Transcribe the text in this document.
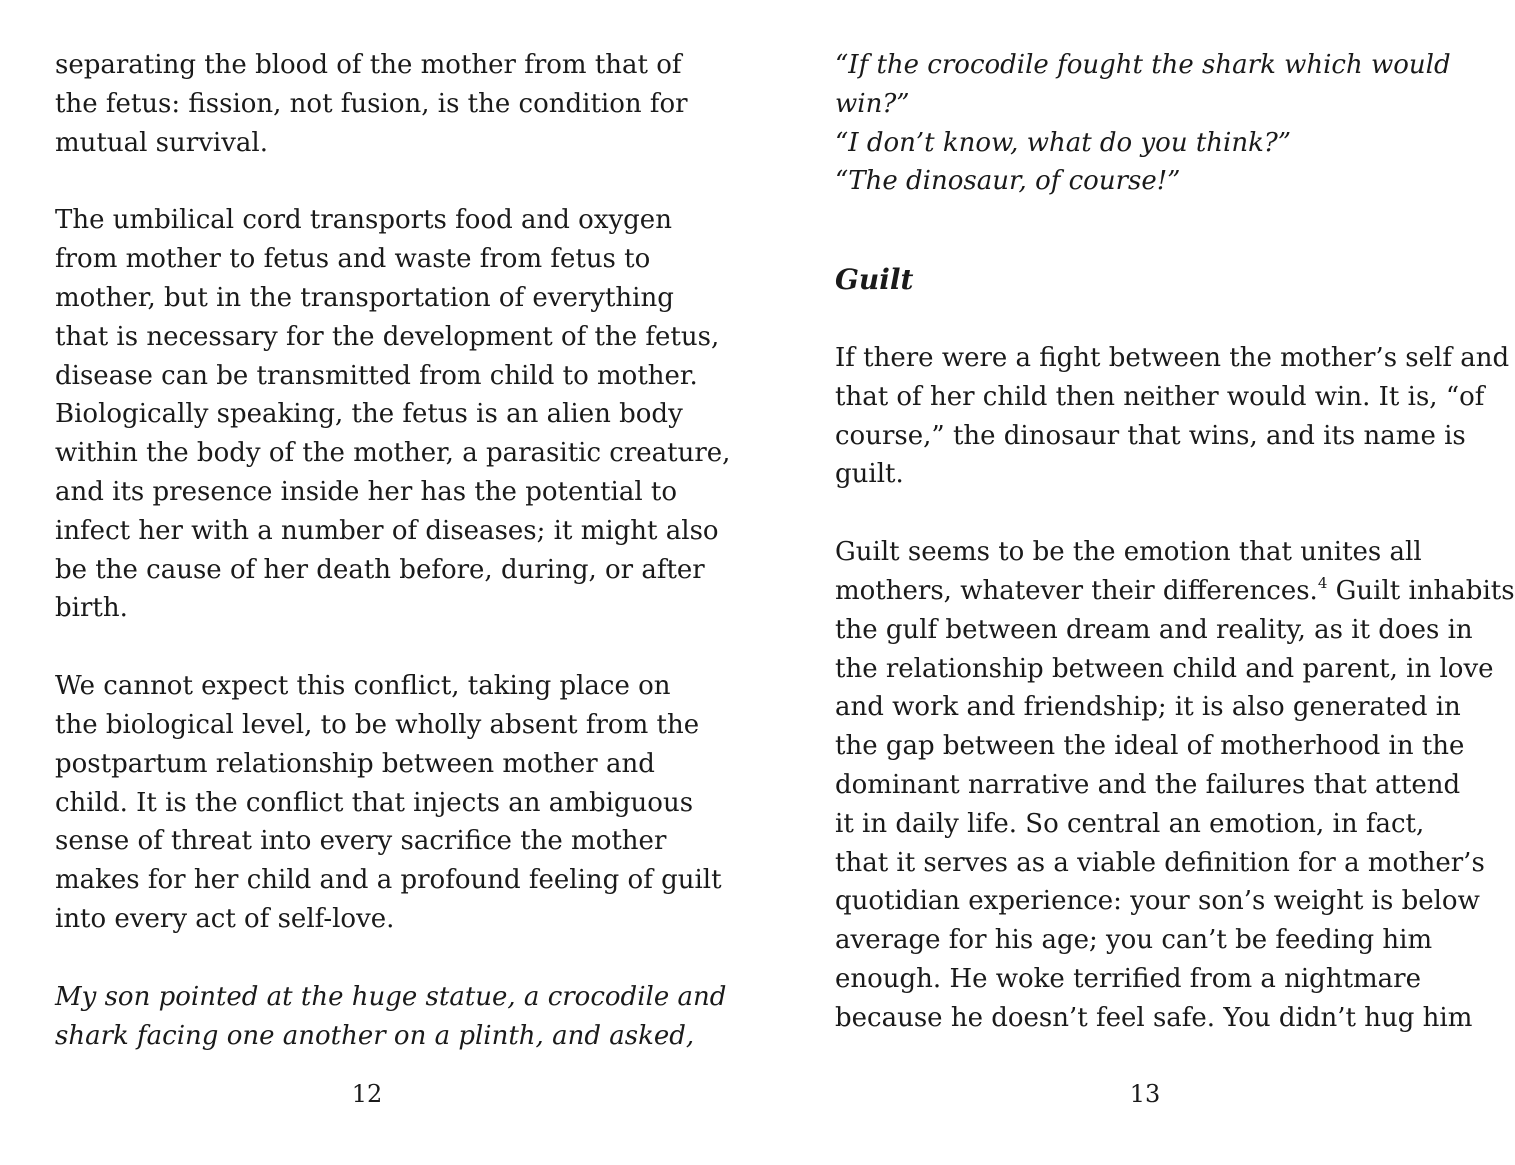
separating the blood of the mother from that of
the fetus: fission, not fusion, is the condition for
mutual survival.

The umbilical cord transports food and oxygen
from mother to fetus and waste from fetus to
mother, but in the transportation of everything
that is necessary for the development of the fetus,
disease can be transmitted from child to mother.
Biologically speaking, the fetus is an alien body
within the body of the mother, a parasitic creature,
and its presence inside her has the potential to
infect her with a number of diseases; it might also
be the cause of her death before, during, or after
birth.

We cannot expect this conflict, taking place on
the biological level, to be wholly absent from the
postpartum relationship between mother and
child. It is the conflict that injects an ambiguous
sense of threat into every sacrifice the mother
makes for her child and a profound feeling of guilt
into every act of self-love.

My son pointed at the huge statue, a crocodile and
shark facing one another on a plinth, and asked,

12

“If the crocodile fought the shark which would
win?”
“I don’t know, what do you think?”
“The dinosaur, of course!”

Guilt

If there were a fight between the mother’s self and
that of her child then neither would win. It is, “of
course,” the dinosaur that wins, and its name is
guilt.

Guilt seems to be the emotion that unites all
mothers, whatever their differences.$^4$ Guilt inhabits
the gulf between dream and reality, as it does in
the relationship between child and parent, in love
and work and friendship; it is also generated in
the gap between the ideal of motherhood in the
dominant narrative and the failures that attend
it in daily life. So central an emotion, in fact,
that it serves as a viable definition for a mother’s
quotidian experience: your son’s weight is below
average for his age; you can’t be feeding him
enough. He woke terrified from a nightmare
because he doesn’t feel safe. You didn’t hug him

13
